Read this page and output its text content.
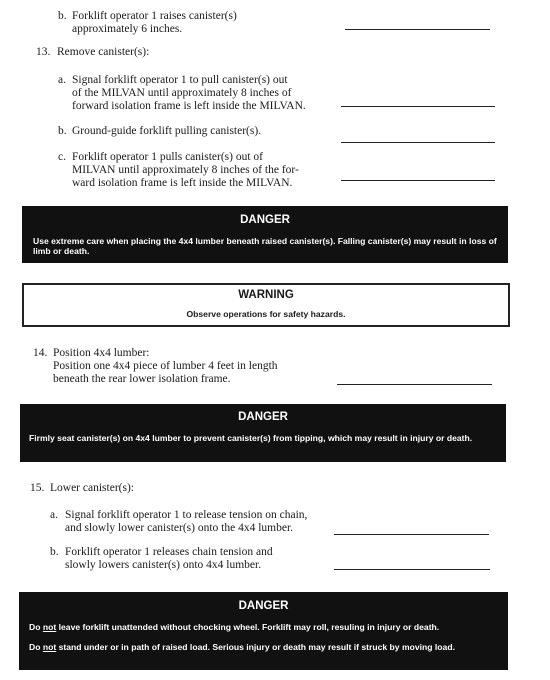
b. Forklift operator 1 raises canister(s)
approximately 6 inches.
13. Remove canister(s):
a. Signal forklift operator 1 to pull canister(s) out
of the MILVAN until approximately 8 inches of
forward isolation frame is left inside the MILVAN.
b. Ground-guide forklift pulling canister(s).
c. Forklift operator 1 pulls canister(s) out of
MILVAN until approximately 8 inches of the for-
ward isolation frame is left inside the MILVAN.
DANGER
Use extreme care when placing the 4x4 lumber beneath raised canister(s). Falling canister(s) may result in loss of limb or death.
WARNING
Observe operations for safety hazards.
14. Position 4x4 lumber:
Position one 4x4 piece of lumber 4 feet in length
beneath the rear lower isolation frame.
DANGER
Firmly seat canister(s) on 4x4 lumber to prevent canister(s) from tipping, which may result in injury or death.
15. Lower canister(s):
a. Signal forklift operator 1 to release tension on chain,
and slowly lower canister(s) onto the 4x4 lumber.
b. Forklift operator 1 releases chain tension and
slowly lowers canister(s) onto 4x4 lumber.
DANGER
Do not leave forklift unattended without chocking wheel. Forklift may roll, resuling in injury or death.
Do not stand under or in path of raised load. Serious injury or death may result if struck by moving load.
